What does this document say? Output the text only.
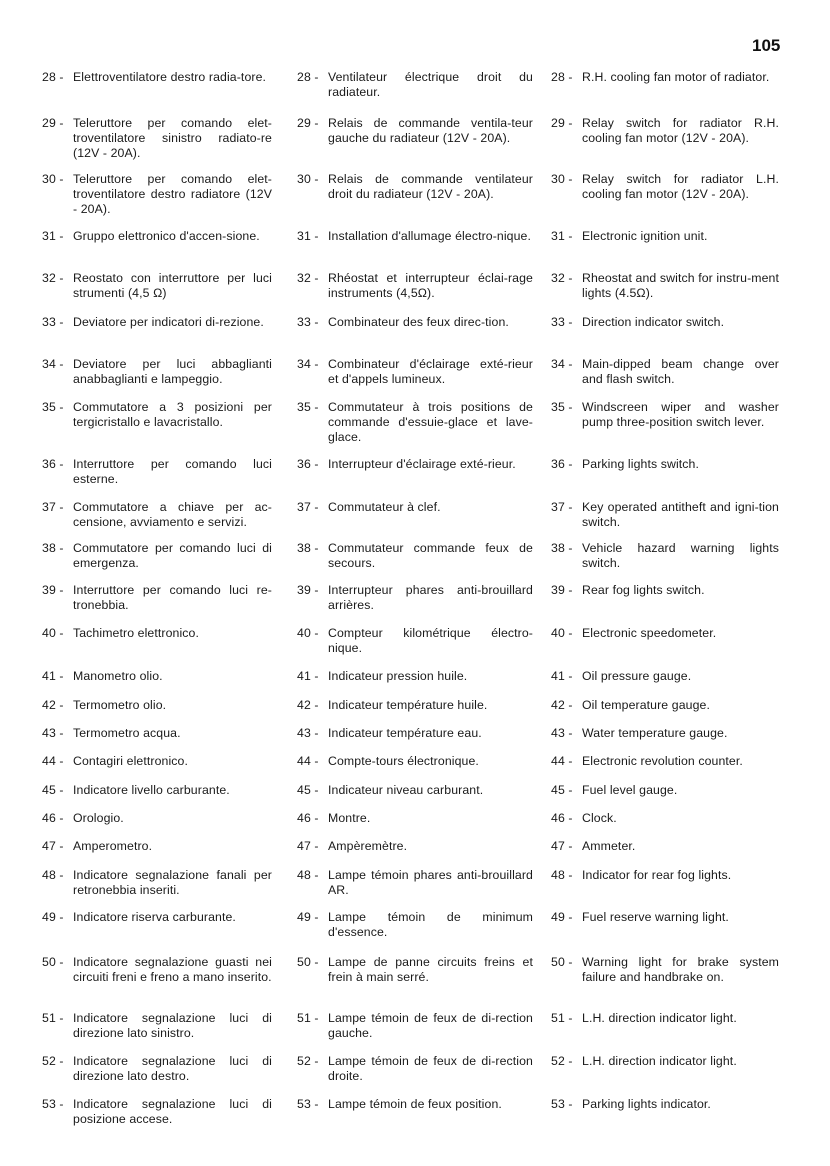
105
28 - Elettroventilatore destro radia-tore.
29 - Teleruttore per comando elet-troventilatore sinistro radiato-re (12V - 20A).
30 - Teleruttore per comando elet-troventilatore destro radiatore (12V - 20A).
31 - Gruppo elettronico d'accen-sione.
32 - Reostato con interruttore per luci strumenti (4,5 Ω)
33 - Deviatore per indicatori di-rezione.
34 - Deviatore per luci abbaglianti anabbaglianti e lampeggio.
35 - Commutatore a 3 posizioni per tergicristallo e lavacristallo.
36 - Interruttore per comando luci esterne.
37 - Commutatore a chiave per ac-censione, avviamento e servizi.
38 - Commutatore per comando luci di emergenza.
39 - Interruttore per comando luci re-tronebbia.
40 - Tachimetro elettronico.
41 - Manometro olio.
42 - Termometro olio.
43 - Termometro acqua.
44 - Contagiri elettronico.
45 - Indicatore livello carburante.
46 - Orologio.
47 - Amperometro.
48 - Indicatore segnalazione fanali per retronebbia inseriti.
49 - Indicatore riserva carburante.
50 - Indicatore segnalazione guasti nei circuiti freni e freno a mano inserito.
51 - Indicatore segnalazione luci di direzione lato sinistro.
52 - Indicatore segnalazione luci di direzione lato destro.
53 - Indicatore segnalazione luci di posizione accese.
28 - Ventilateur électrique droit du radiateur.
29 - Relais de commande ventila-teur gauche du radiateur (12V - 20A).
30 - Relais de commande ventilateur droit du radiateur (12V - 20A).
31 - Installation d'allumage électro-nique.
32 - Rhéostat et interrupteur éclai-rage instruments (4,5Ω).
33 - Combinateur des feux direc-tion.
34 - Combinateur d'éclairage exté-rieur et d'appels lumineux.
35 - Commutateur à trois positions de commande d'essuie-glace et lave-glace.
36 - Interrupteur d'éclairage exté-rieur.
37 - Commutateur à clef.
38 - Commutateur commande feux de secours.
39 - Interrupteur phares anti-brouillard arrières.
40 - Compteur kilométrique électro-nique.
41 - Indicateur pression huile.
42 - Indicateur température huile.
43 - Indicateur température eau.
44 - Compte-tours électronique.
45 - Indicateur niveau carburant.
46 - Montre.
47 - Ampèremètre.
48 - Lampe témoin phares anti-brouillard AR.
49 - Lampe témoin de minimum d'essence.
50 - Lampe de panne circuits freins et frein à main serré.
51 - Lampe témoin de feux de di-rection gauche.
52 - Lampe témoin de feux de di-rection droite.
53 - Lampe témoin de feux position.
28 - R.H. cooling fan motor of radiator.
29 - Relay switch for radiator R.H. cooling fan motor (12V - 20A).
30 - Relay switch for radiator L.H. cooling fan motor (12V - 20A).
31 - Electronic ignition unit.
32 - Rheostat and switch for instru-ment lights (4.5Ω).
33 - Direction indicator switch.
34 - Main-dipped beam change over and flash switch.
35 - Windscreen wiper and washer pump three-position switch lever.
36 - Parking lights switch.
37 - Key operated antitheft and igni-tion switch.
38 - Vehicle hazard warning lights switch.
39 - Rear fog lights switch.
40 - Electronic speedometer.
41 - Oil pressure gauge.
42 - Oil temperature gauge.
43 - Water temperature gauge.
44 - Electronic revolution counter.
45 - Fuel level gauge.
46 - Clock.
47 - Ammeter.
48 - Indicator for rear fog lights.
49 - Fuel reserve warning light.
50 - Warning light for brake system failure and handbrake on.
51 - L.H. direction indicator light.
52 - L.H. direction indicator light.
53 - Parking lights indicator.
